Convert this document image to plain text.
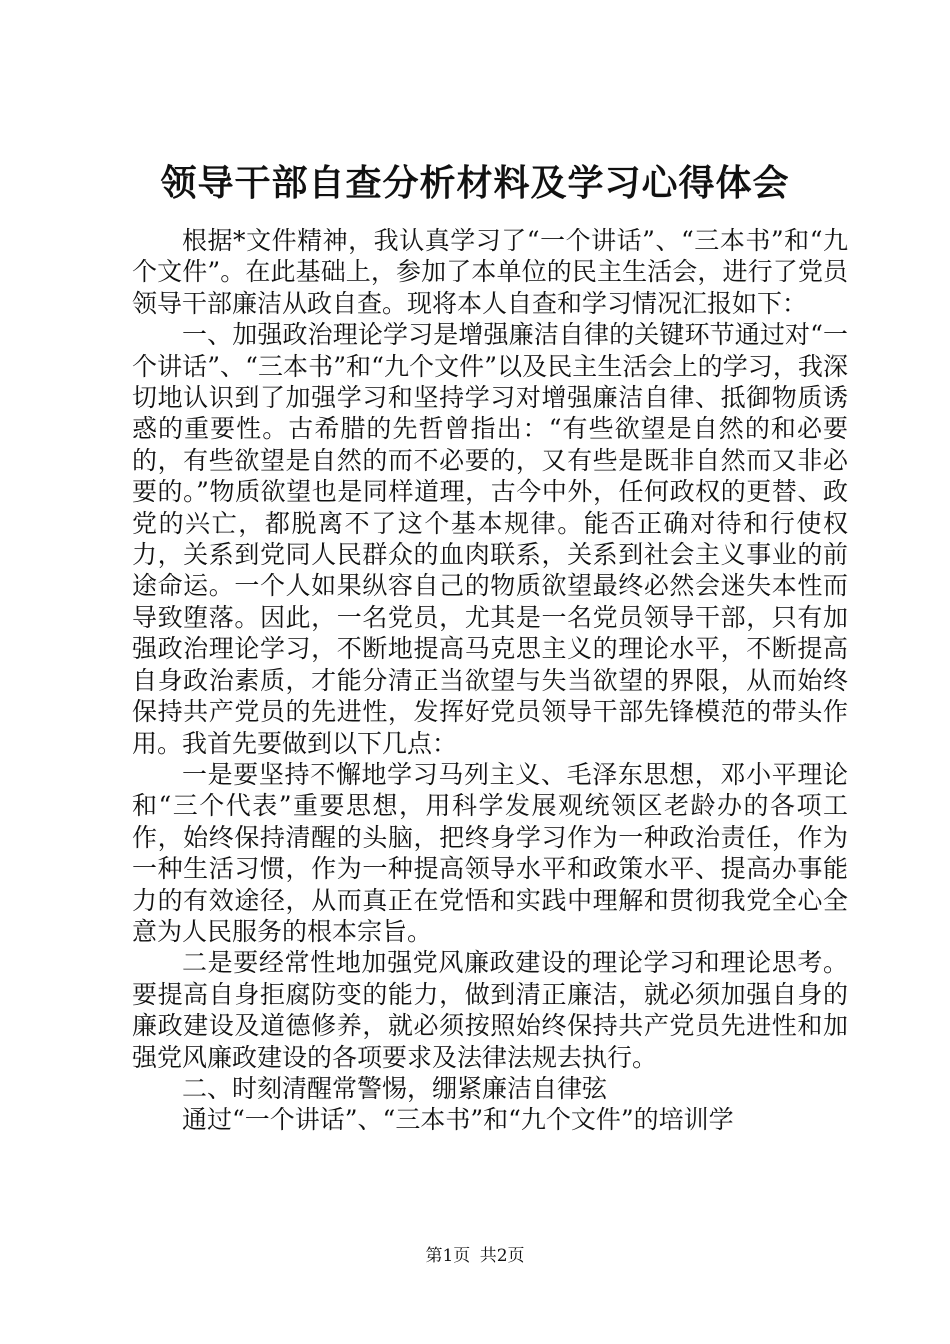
领导干部自查分析材料及学习心得体会

根据*文件精神，我认真学习了“一个讲话”、“三本书”和“九个文件”。在此基础上，参加了本单位的民主生活会，进行了党员领导干部廉洁从政自查。现将本人自查和学习情况汇报如下：

一、加强政治理论学习是增强廉洁自律的关键环节通过对“一个讲话”、“三本书”和“九个文件”以及民主生活会上的学习，我深切地认识到了加强学习和坚持学习对增强廉洁自律、抵御物质诱惑的重要性。古希腊的先哲曾指出：“有些欲望是自然的和必要的，有些欲望是自然的而不必要的，又有些是既非自然而又非必要的。”物质欲望也是同样道理，古今中外，任何政权的更替、政党的兴亡，都脱离不了这个基本规律。能否正确对待和行使权力，关系到党同人民群众的血肉联系，关系到社会主义事业的前途命运。一个人如果纵容自己的物质欲望最终必然会迷失本性而导致堕落。因此，一名党员，尤其是一名党员领导干部，只有加强政治理论学习，不断地提高马克思主义的理论水平，不断提高自身政治素质，才能分清正当欲望与失当欲望的界限，从而始终保持共产党员的先进性，发挥好党员领导干部先锋模范的带头作用。我首先要做到以下几点：

一是要坚持不懈地学习马列主义、毛泽东思想，邓小平理论和“三个代表”重要思想，用科学发展观统领区老龄办的各项工作，始终保持清醒的头脑，把终身学习作为一种政治责任，作为一种生活习惯，作为一种提高领导水平和政策水平、提高办事能力的有效途径，从而真正在党悟和实践中理解和贯彻我党全心全意为人民服务的根本宗旨。

二是要经常性地加强党风廉政建设的理论学习和理论思考。要提高自身拒腐防变的能力，做到清正廉洁，就必须加强自身的廉政建设及道德修养，就必须按照始终保持共产党员先进性和加强党风廉政建设的各项要求及法律法规去执行。

二、时刻清醒常警惕，绷紧廉洁自律弦

通过“一个讲话”、“三本书”和“九个文件”的培训学

第1页 共2页
